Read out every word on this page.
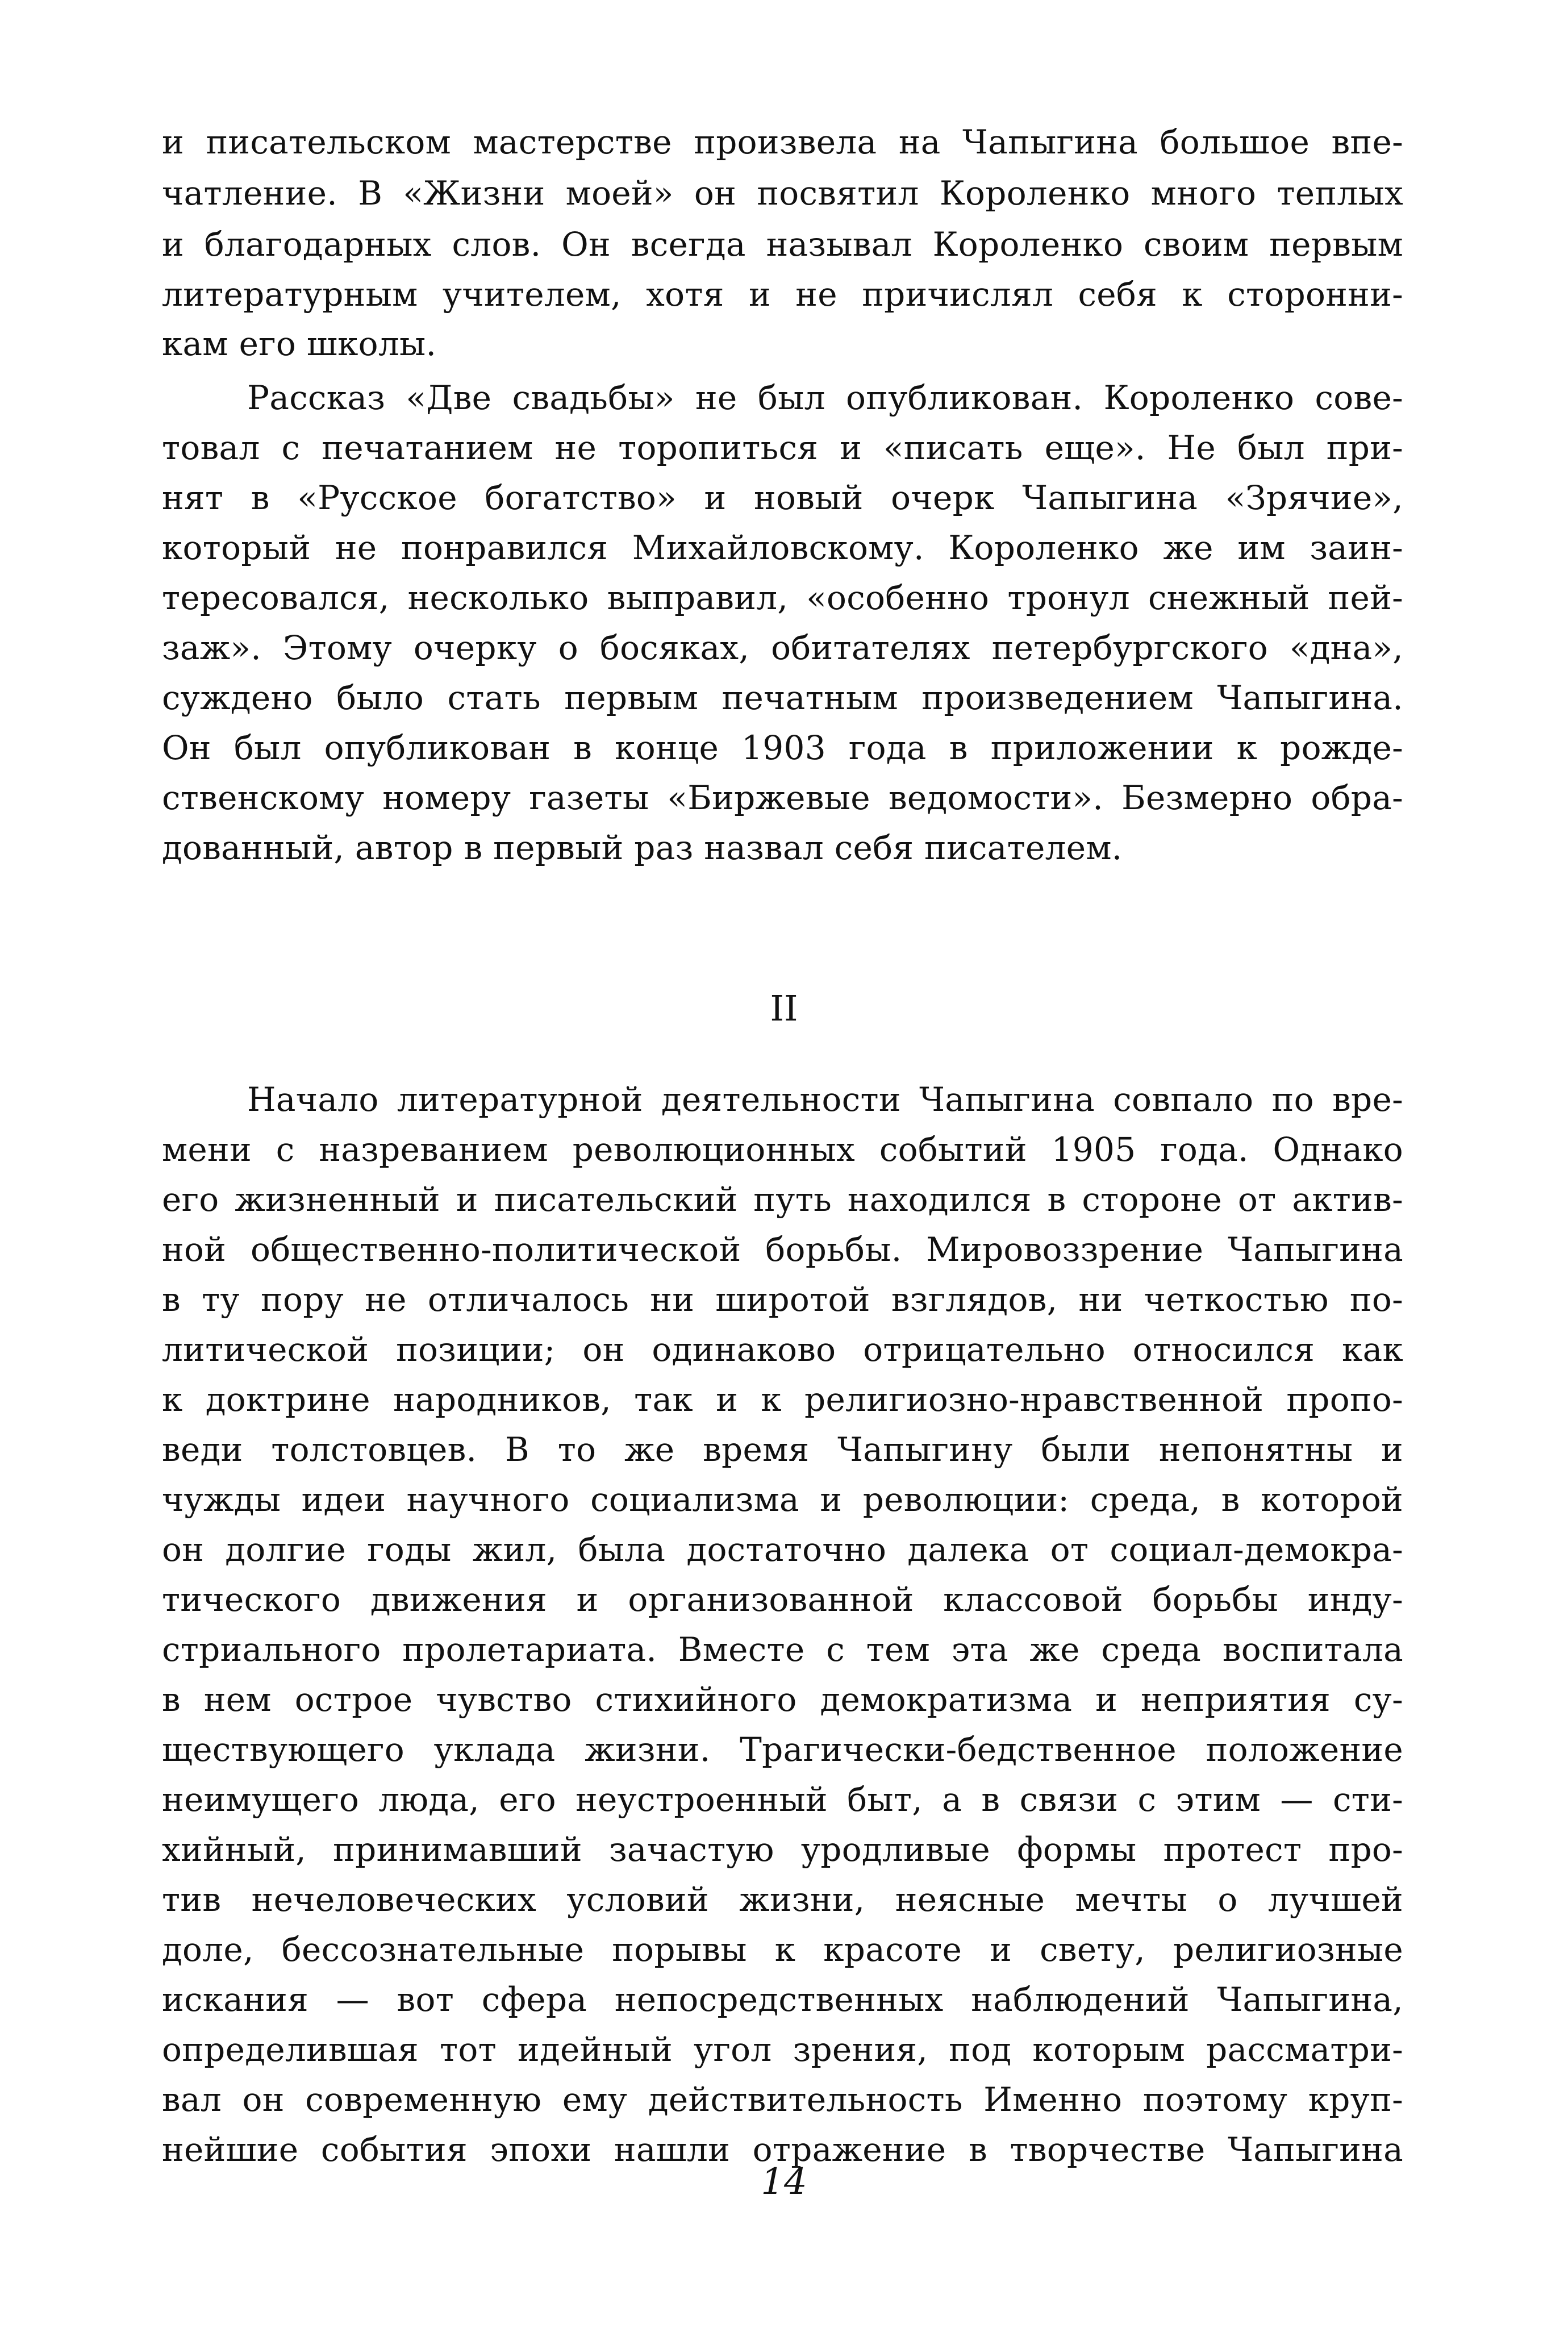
и писательском мастерстве произвела на Чапыгина большое впе-
чатление. В «Жизни моей» он посвятил Короленко много теплых
и благодарных слов. Он всегда называл Короленко своим первым
литературным учителем, хотя и не причислял себя к сторонни-
кам его школы.
Рассказ «Две свадьбы» не был опубликован. Короленко сове-
товал с печатанием не торопиться и «писать еще». Не был при-
нят в «Русское богатство» и новый очерк Чапыгина «Зрячие»,
который не понравился Михайловскому. Короленко же им заин-
тересовался, несколько выправил, «особенно тронул снежный пей-
заж». Этому очерку о босяках, обитателях петербургского «дна»,
суждено было стать первым печатным произведением Чапыгина.
Он был опубликован в конце 1903 года в приложении к рожде-
ственскому номеру газеты «Биржевые ведомости». Безмерно обра-
дованный, автор в первый раз назвал себя писателем.
II
Начало литературной деятельности Чапыгина совпало по вре-
мени с назреванием революционных событий 1905 года. Однако
его жизненный и писательский путь находился в стороне от актив-
ной общественно-политической борьбы. Мировоззрение Чапыгина
в ту пору не отличалось ни широтой взглядов, ни четкостью по-
литической позиции; он одинаково отрицательно относился как
к доктрине народников, так и к религиозно-нравственной пропо-
веди толстовцев. В то же время Чапыгину были непонятны и
чужды идеи научного социализма и революции: среда, в которой
он долгие годы жил, была достаточно далека от социал-демокра-
тического движения и организованной классовой борьбы инду-
стриального пролетариата. Вместе с тем эта же среда воспитала
в нем острое чувство стихийного демократизма и неприятия су-
ществующего уклада жизни. Трагически-бедственное положение
неимущего люда, его неустроенный быт, а в связи с этим — сти-
хийный, принимавший зачастую уродливые формы протест про-
тив нечеловеческих условий жизни, неясные мечты о лучшей
доле, бессознательные порывы к красоте и свету, религиозные
искания — вот сфера непосредственных наблюдений Чапыгина,
определившая тот идейный угол зрения, под которым рассматри-
вал он современную ему действительность Именно поэтому круп-
нейшие события эпохи нашли отражение в творчестве Чапыгина
14
